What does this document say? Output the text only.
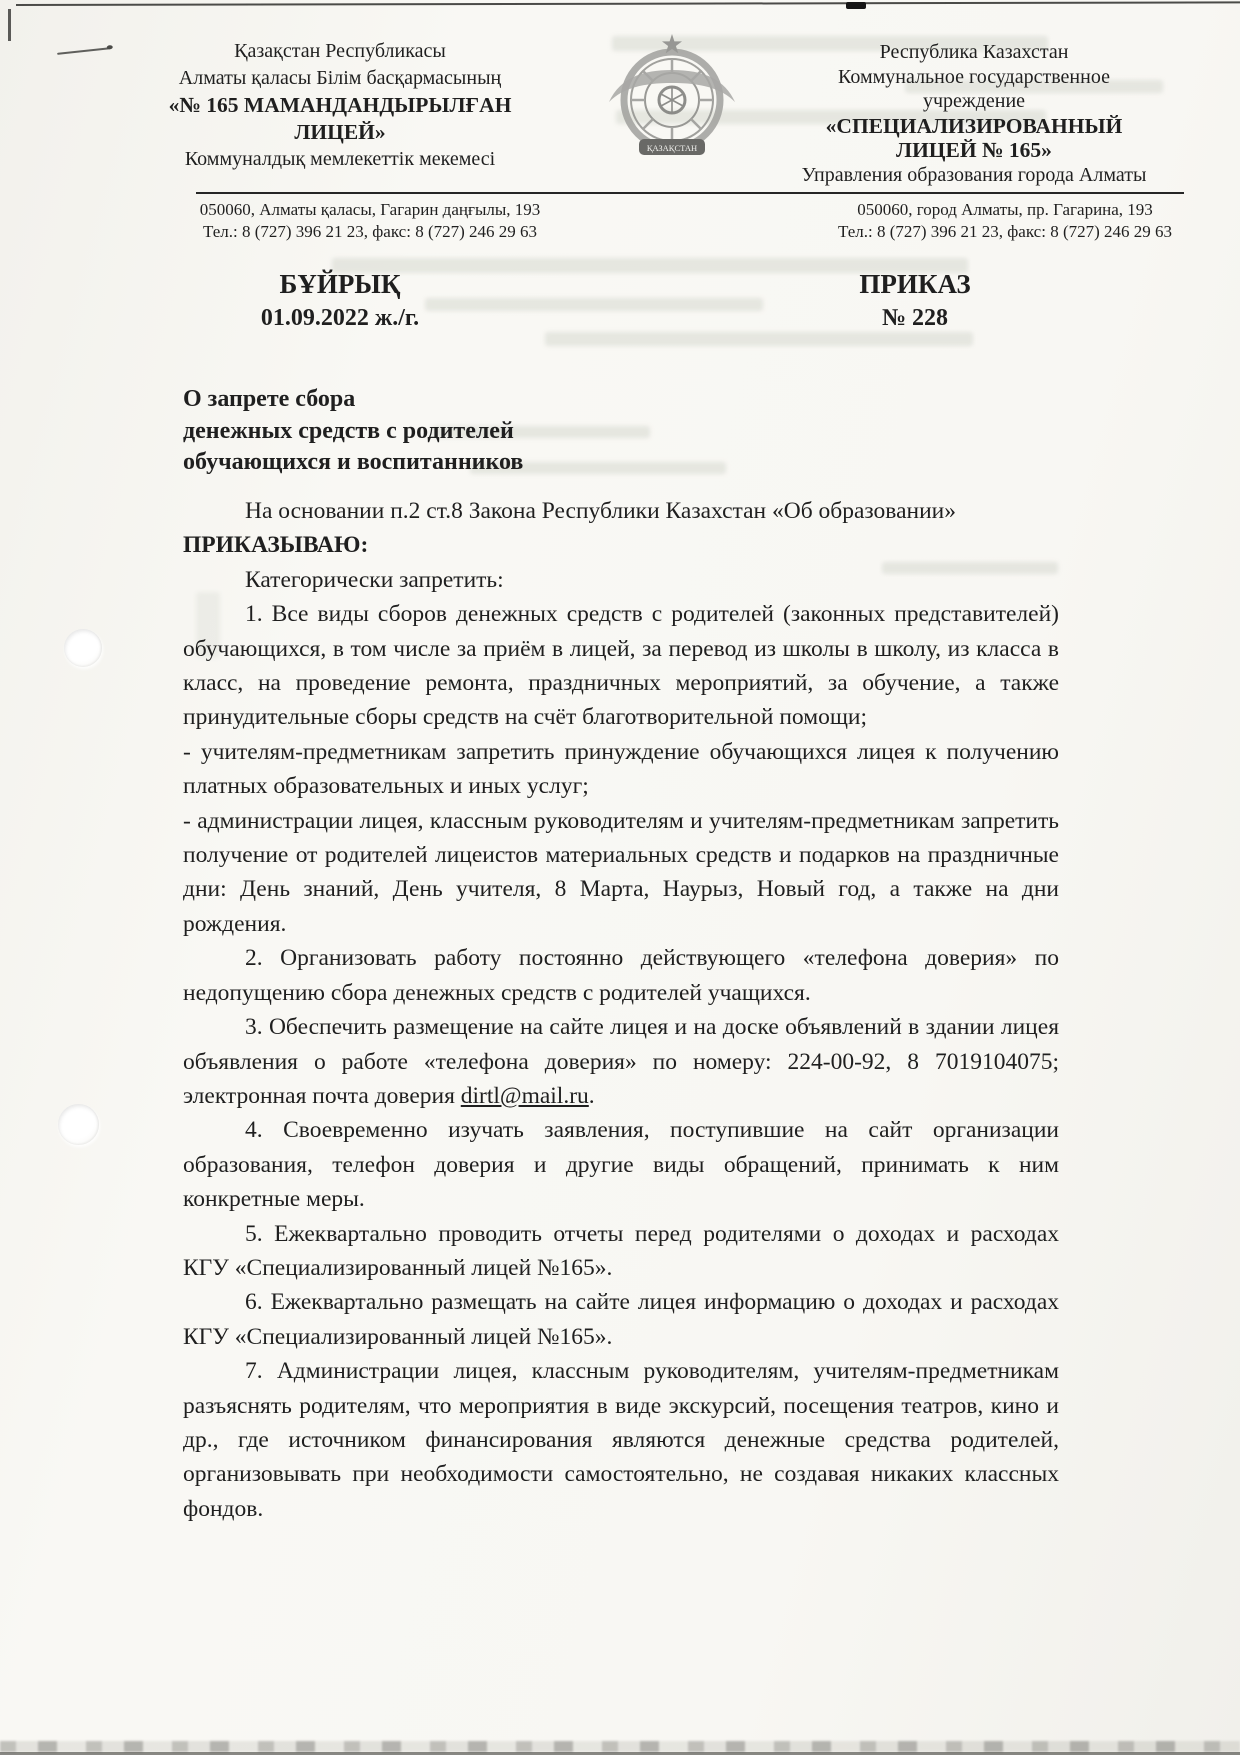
Қазақстан Республикасы
Алматы қаласы Білім басқармасының
«№ 165 МАМАНДАНДЫРЫЛҒАН
ЛИЦЕЙ»
Коммуналдық мемлекеттік мекемесі	ҚАЗАҚСТАН
Республика Казахстан
Коммунальное государственное
учреждение
«СПЕЦИАЛИЗИРОВАННЫЙ
ЛИЦЕЙ № 165»
Управления образования города Алматы
050060, Алматы қаласы, Гагарин даңғылы, 193
Тел.: 8 (727) 396 21 23, факс: 8 (727) 246 29 63
050060, город Алматы, пр. Гагарина, 193
Тел.: 8 (727) 396 21 23, факс: 8 (727) 246 29 63
БҰЙРЫҚ
01.09.2022 ж./г.
ПРИКАЗ
№ 228
О запрете сбора
денежных средств с родителей
обучающихся и воспитанников

На основании п.2 ст.8 Закона Республики Казахстан «Об образовании»

ПРИКАЗЫВАЮ:

Категорически запретить:

1. Все виды сборов денежных средств с родителей (законных представителей) обучающихся, в том числе за приём в лицей, за перевод из школы в школу, из класса в класс, на проведение ремонта, праздничных мероприятий, за обучение, а также принудительные сборы средств на счёт благотворительной помощи;

- учителям-предметникам запретить принуждение обучающихся лицея к получению платных образовательных и иных услуг;

- администрации лицея, классным руководителям и учителям-предметникам запретить получение от родителей лицеистов материальных средств и подарков на праздничные дни: День знаний, День учителя, 8 Марта, Наурыз, Новый год, а также на дни рождения.

2. Организовать работу постоянно действующего «телефона доверия» по недопущению сбора денежных средств с родителей учащихся.

3. Обеспечить размещение на сайте лицея и на доске объявлений в здании лицея объявления о работе «телефона доверия» по номеру: 224-00-92, 8 7019104075; электронная почта доверия dirtl@mail.ru.

4. Своевременно изучать заявления, поступившие на сайт организации образования, телефон доверия и другие виды обращений, принимать к ним конкретные меры.

5. Ежеквартально проводить отчеты перед родителями о доходах и расходах КГУ «Специализированный лицей №165».

6. Ежеквартально размещать на сайте лицея информацию о доходах и расходах КГУ «Специализированный лицей №165».

7. Администрации лицея, классным руководителям, учителям-предметникам разъяснять родителям, что мероприятия в виде экскурсий, посещения театров, кино и др., где источником финансирования являются денежные средства родителей, организовывать при необходимости самостоятельно, не создавая никаких классных фондов.
